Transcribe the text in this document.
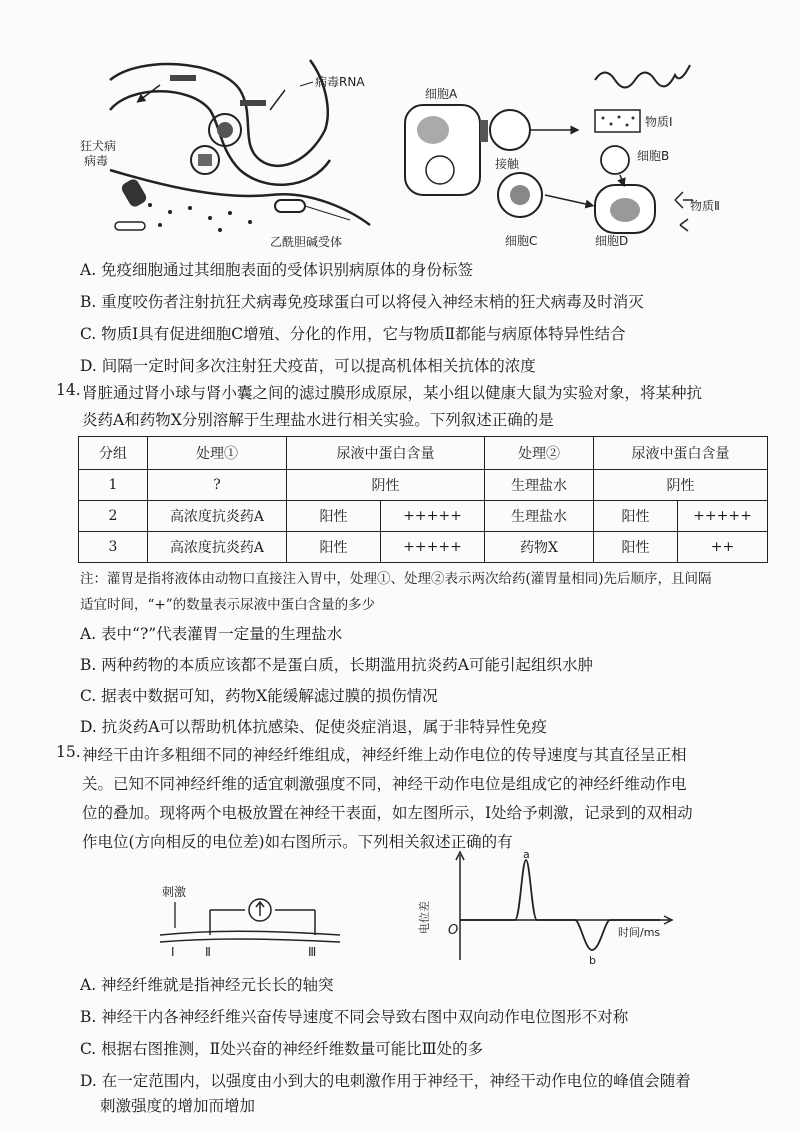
病毒RNA
狂犬病
病毒
乙酰胆碱受体
细胞A
接触
物质Ⅰ
细胞B
细胞C	细胞D
物质Ⅱ
A. 免疫细胞通过其细胞表面的受体识别病原体的身份标签
B. 重度咬伤者注射抗狂犬病毒免疫球蛋白可以将侵入神经末梢的狂犬病毒及时消灭
C. 物质Ⅰ具有促进细胞C增殖、分化的作用，它与物质Ⅱ都能与病原体特异性结合
D. 间隔一定时间多次注射狂犬疫苗，可以提高机体相关抗体的浓度
14. 肾脏通过肾小球与肾小囊之间的滤过膜形成原尿，某小组以健康大鼠为实验对象，将某种抗
炎药A和药物X分别溶解于生理盐水进行相关实验。下列叙述正确的是
分组	处理①	尿液中蛋白含量		处理②	尿液中蛋白含量	
1	?	阴性		生理盐水	阴性	
2	高浓度抗炎药A	阳性	+++++	生理盐水	阳性	+++++
3	高浓度抗炎药A	阳性	+++++	药物X	阳性	++
注：灌胃是指将液体由动物口直接注入胃中，处理①、处理②表示两次给药(灌胃量相同)先后顺序，且间隔
适宜时间，“+”的数量表示尿液中蛋白含量的多少
A. 表中“?”代表灌胃一定量的生理盐水
B. 两种药物的本质应该都不是蛋白质，长期滥用抗炎药A可能引起组织水肿
C. 据表中数据可知，药物X能缓解滤过膜的损伤情况
D. 抗炎药A可以帮助机体抗感染、促使炎症消退，属于非特异性免疫
15. 神经干由许多粗细不同的神经纤维组成，神经纤维上动作电位的传导速度与其直径呈正相
关。已知不同神经纤维的适宜刺激强度不同，神经干动作电位是组成它的神经纤维动作电
位的叠加。现将两个电极放置在神经干表面，如左图所示，Ⅰ处给予刺激，记录到的双相动
作电位(方向相反的电位差)如右图所示。下列相关叙述正确的有
刺激
Ⅰ	Ⅱ	Ⅲ
电位差 O	时间/ms
a
b
A. 神经纤维就是指神经元长长的轴突
B. 神经干内各神经纤维兴奋传导速度不同会导致右图中双向动作电位图形不对称
C. 根据右图推测，Ⅱ处兴奋的神经纤维数量可能比Ⅲ处的多
D. 在一定范围内，以强度由小到大的电刺激作用于神经干，神经干动作电位的峰值会随着
刺激强度的增加而增加
